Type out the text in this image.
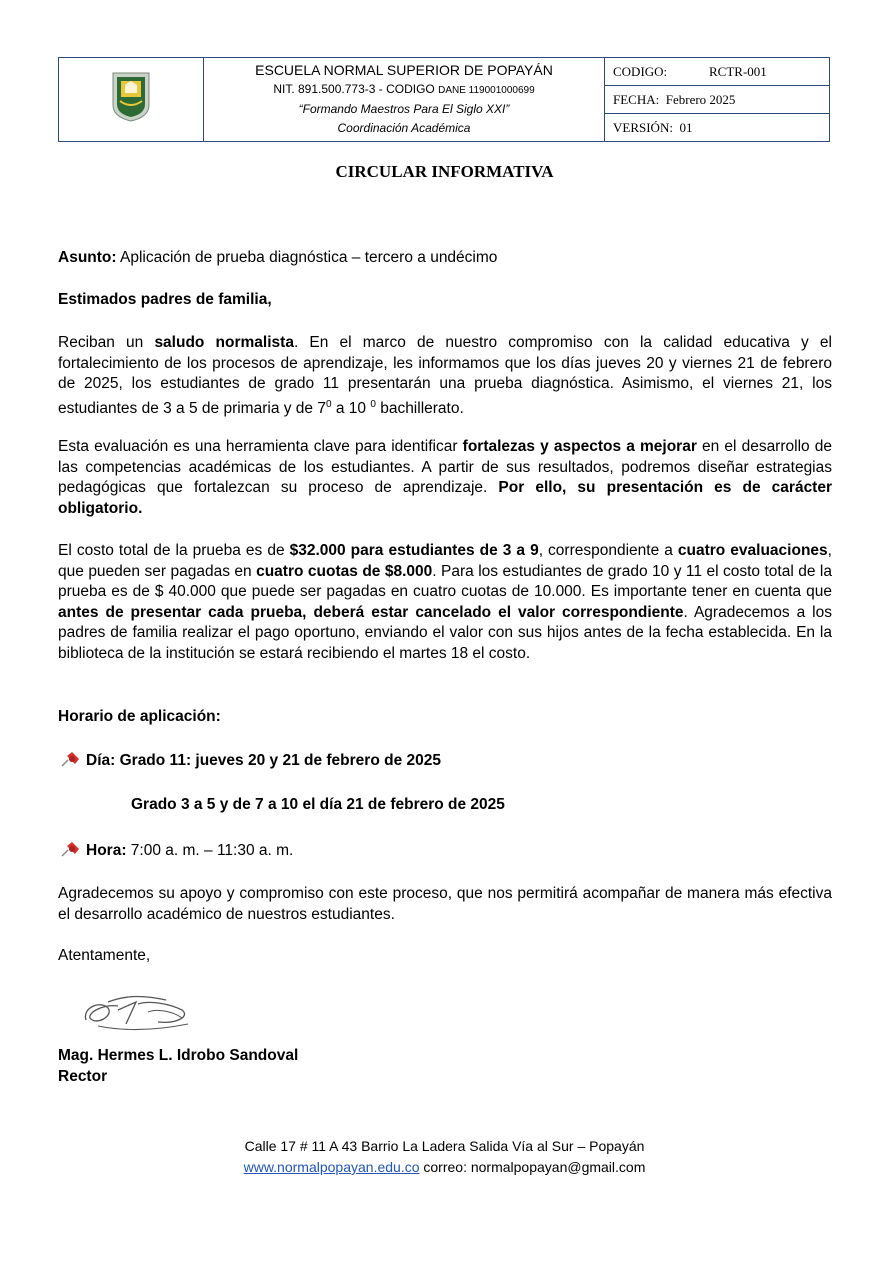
ESCUELA NORMAL SUPERIOR DE POPAYÁN
NIT. 891.500.773-3 - CODIGO DANE 119001000699
“Formando Maestros Para El Siglo XXI”
Coordinación Académica
	CODIGO:	RCTR-001
FECHA: Febrero 2025
VERSIÓN: 01
CIRCULAR INFORMATIVA

Asunto: Aplicación de prueba diagnóstica – tercero a undécimo

Estimados padres de familia,

Reciban un saludo normalista. En el marco de nuestro compromiso con la calidad educativa y el fortalecimiento de los procesos de aprendizaje, les informamos que los días jueves 20 y viernes 21 de febrero de 2025, los estudiantes de grado 11 presentarán una prueba diagnóstica. Asimismo, el viernes 21, los estudiantes de 3 a 5 de primaria y de $7^0$ a 10 $^0$ bachillerato.

Esta evaluación es una herramienta clave para identificar fortalezas y aspectos a mejorar en el desarrollo de las competencias académicas de los estudiantes. A partir de sus resultados, podremos diseñar estrategias pedagógicas que fortalezcan su proceso de aprendizaje. Por ello, su presentación es de carácter obligatorio.

El costo total de la prueba es de $32.000 para estudiantes de 3 a 9, correspondiente a cuatro evaluaciones, que pueden ser pagadas en cuatro cuotas de $8.000. Para los estudiantes de grado 10 y 11 el costo total de la prueba es de $ 40.000 que puede ser pagadas en cuatro cuotas de 10.000. Es importante tener en cuenta que antes de presentar cada prueba, deberá estar cancelado el valor correspondiente. Agradecemos a los padres de familia realizar el pago oportuno, enviando el valor con sus hijos antes de la fecha establecida. En la biblioteca de la institución se estará recibiendo el martes 18 el costo.

Horario de aplicación:

Día: Grado 11: jueves 20 y 21 de febrero de 2025

Grado 3 a 5 y de 7 a 10 el día 21 de febrero de 2025

Hora: 7:00 a. m. – 11:30 a. m.

Agradecemos su apoyo y compromiso con este proceso, que nos permitirá acompañar de manera más efectiva el desarrollo académico de nuestros estudiantes.

Atentamente,

Mag. Hermes L. Idrobo Sandoval

Rector

Calle 17 # 11 A 43 Barrio La Ladera Salida Vía al Sur – Popayán
www.normalpopayan.edu.co correo: normalpopayan@gmail.com
